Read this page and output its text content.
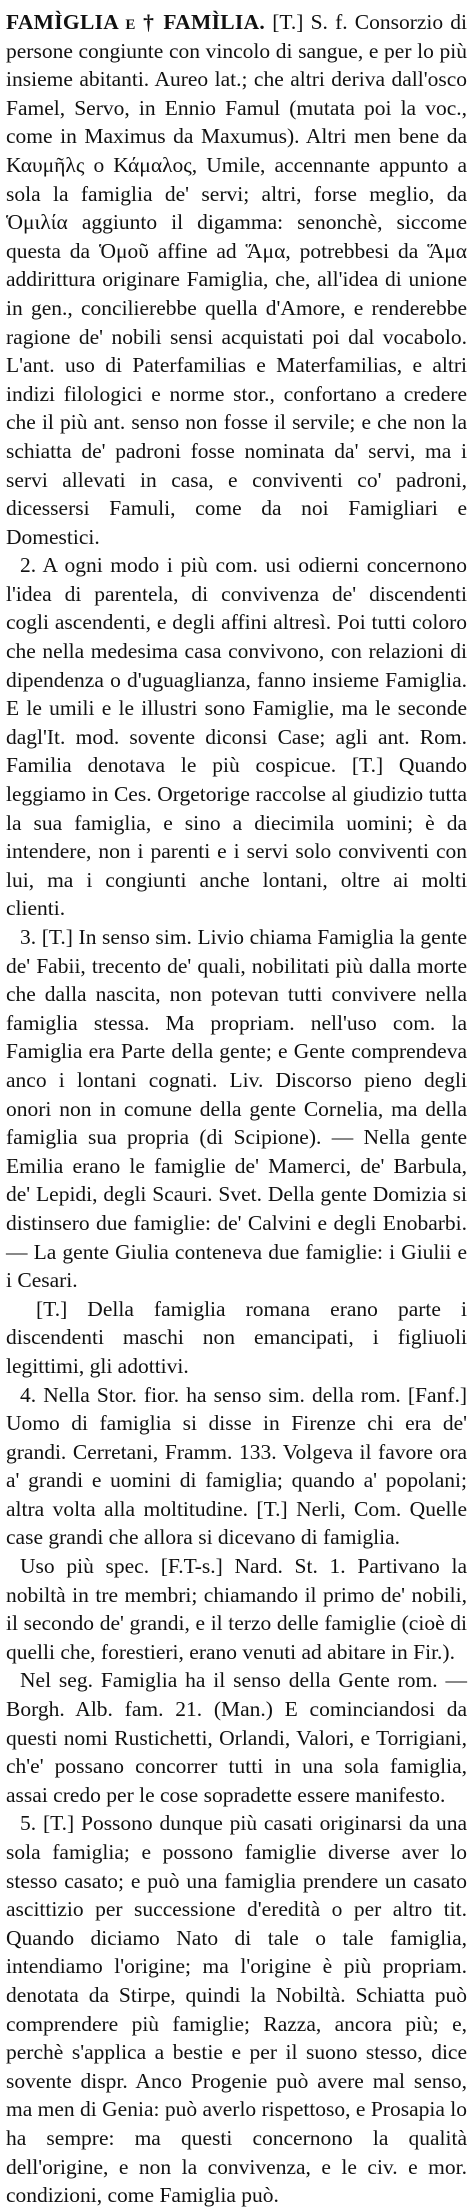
FAMÌGLIA e † FAMÌLIA. [T.] S. f. Consorzio di persone congiunte con vincolo di sangue, e per lo più insieme abitanti. Aureo lat.; che altri deriva dall'osco Famel, Servo, in Ennio Famul (mutata poi la voc., come in Maximus da Maxumus). Altri men bene da Καυμῆλς o Κάμαλος, Umile, accennante appunto a sola la famiglia de' servi; altri, forse meglio, da Ὁμιλία aggiunto il digamma: senonchè, siccome questa da Ὁμοῦ affine ad Ἅμα, potrebbesi da Ἅμα addirittura originare Famiglia, che, all'idea di unione in gen., concilierebbe quella d'Amore, e renderebbe ragione de' nobili sensi acquistati poi dal vocabolo. L'ant. uso di Paterfamilias e Materfamilias, e altri indizi filologici e norme stor., confortano a credere che il più ant. senso non fosse il servile; e che non la schiatta de' padroni fosse nominata da' servi, ma i servi allevati in casa, e conviventi co' padroni, dicessersi Famuli, come da noi Famigliari e Domestici.

2. A ogni modo i più com. usi odierni concernono l'idea di parentela, di convivenza de' discendenti cogli ascendenti, e degli affini altresì. Poi tutti coloro che nella medesima casa convivono, con relazioni di dipendenza o d'uguaglianza, fanno insieme Famiglia. E le umili e le illustri sono Famiglie, ma le seconde dagl'It. mod. sovente diconsi Case; agli ant. Rom. Familia denotava le più cospicue. [T.] Quando leggiamo in Ces. Orgetorige raccolse al giudizio tutta la sua famiglia, e sino a diecimila uomini; è da intendere, non i parenti e i servi solo conviventi con lui, ma i congiunti anche lontani, oltre ai molti clienti.

3. [T.] In senso sim. Livio chiama Famiglia la gente de' Fabii, trecento de' quali, nobilitati più dalla morte che dalla nascita, non potevan tutti convivere nella famiglia stessa. Ma propriam. nell'uso com. la Famiglia era Parte della gente; e Gente comprendeva anco i lontani cognati. Liv. Discorso pieno degli onori non in comune della gente Cornelia, ma della famiglia sua propria (di Scipione). — Nella gente Emilia erano le famiglie de' Mamerci, de' Barbula, de' Lepidi, degli Scauri. Svet. Della gente Domizia si distinsero due famiglie: de' Calvini e degli Enobarbi. — La gente Giulia conteneva due famiglie: i Giulii e i Cesari.

[T.] Della famiglia romana erano parte i discendenti maschi non emancipati, i figliuoli legittimi, gli adottivi.

4. Nella Stor. fior. ha senso sim. della rom. [Fanf.] Uomo di famiglia si disse in Firenze chi era de' grandi. Cerretani, Framm. 133. Volgeva il favore ora a' grandi e uomini di famiglia; quando a' popolani; altra volta alla moltitudine. [T.] Nerli, Com. Quelle case grandi che allora si dicevano di famiglia.

Uso più spec. [F.T-s.] Nard. St. 1. Partivano la nobiltà in tre membri; chiamando il primo de' nobili, il secondo de' grandi, e il terzo delle famiglie (cioè di quelli che, forestieri, erano venuti ad abitare in Fir.).

Nel seg. Famiglia ha il senso della Gente rom. — Borgh. Alb. fam. 21. (Man.) E cominciandosi da questi nomi Rustichetti, Orlandi, Valori, e Torrigiani, ch'e' possano concorrer tutti in una sola famiglia, assai credo per le cose sopradette essere manifesto.

5. [T.] Possono dunque più casati originarsi da una sola famiglia; e possono famiglie diverse aver lo stesso casato; e può una famiglia prendere un casato ascittizio per successione d'eredità o per altro tit. Quando diciamo Nato di tale o tale famiglia, intendiamo l'origine; ma l'origine è più propriam. denotata da Stirpe, quindi la Nobiltà. Schiatta può comprendere più famiglie; Razza, ancora più; e, perchè s'applica a bestie e per il suono stesso, dice sovente dispr. Anco Progenie può avere mal senso, ma men di Genia: può averlo rispettoso, e Prosapia lo ha sempre: ma questi concernono la qualità dell'origine, e non la convivenza, e le civ. e mor. condizioni, come Famiglia può.
